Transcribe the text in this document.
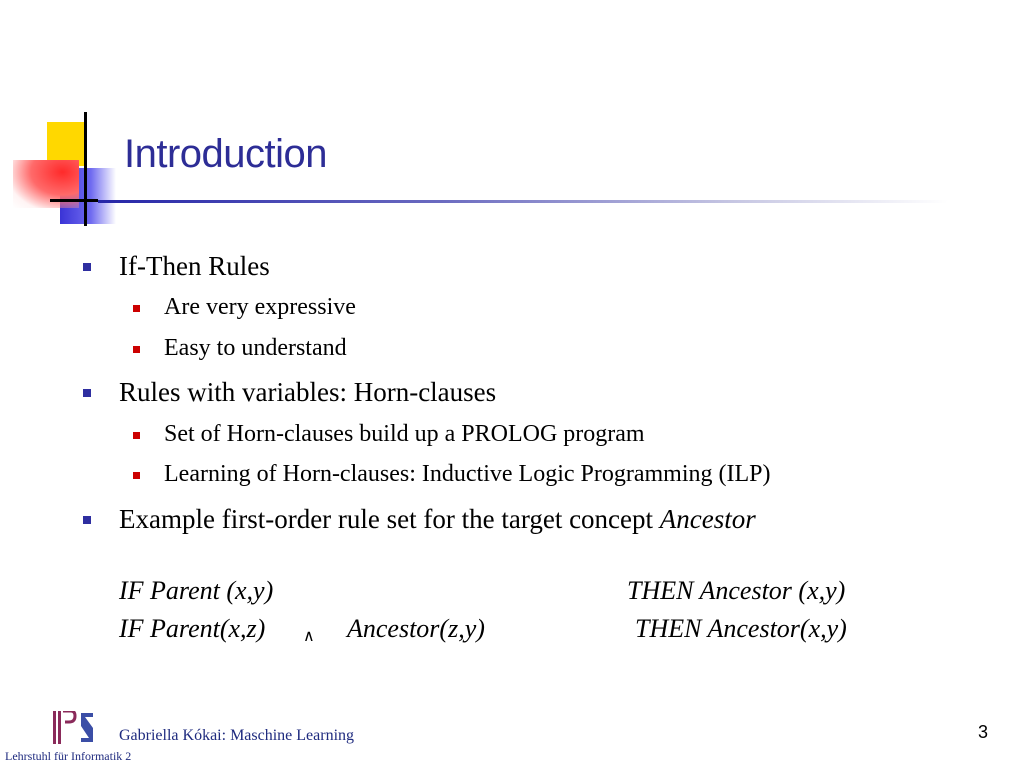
Introduction
If-Then Rules
Are very expressive
Easy to understand
Rules with variables: Horn-clauses
Set of Horn-clauses build up a PROLOG program
Learning of Horn-clauses: Inductive Logic Programming (ILP)
Example first-order rule set for the target concept Ancestor
IF Parent (x,y)	THEN Ancestor (x,y)
IF Parent(x,z) ∧ Ancestor(z,y)	THEN Ancestor(x,y)
Gabriella Kókai: Maschine Learning
Lehrstuhl für Informatik 2
3
